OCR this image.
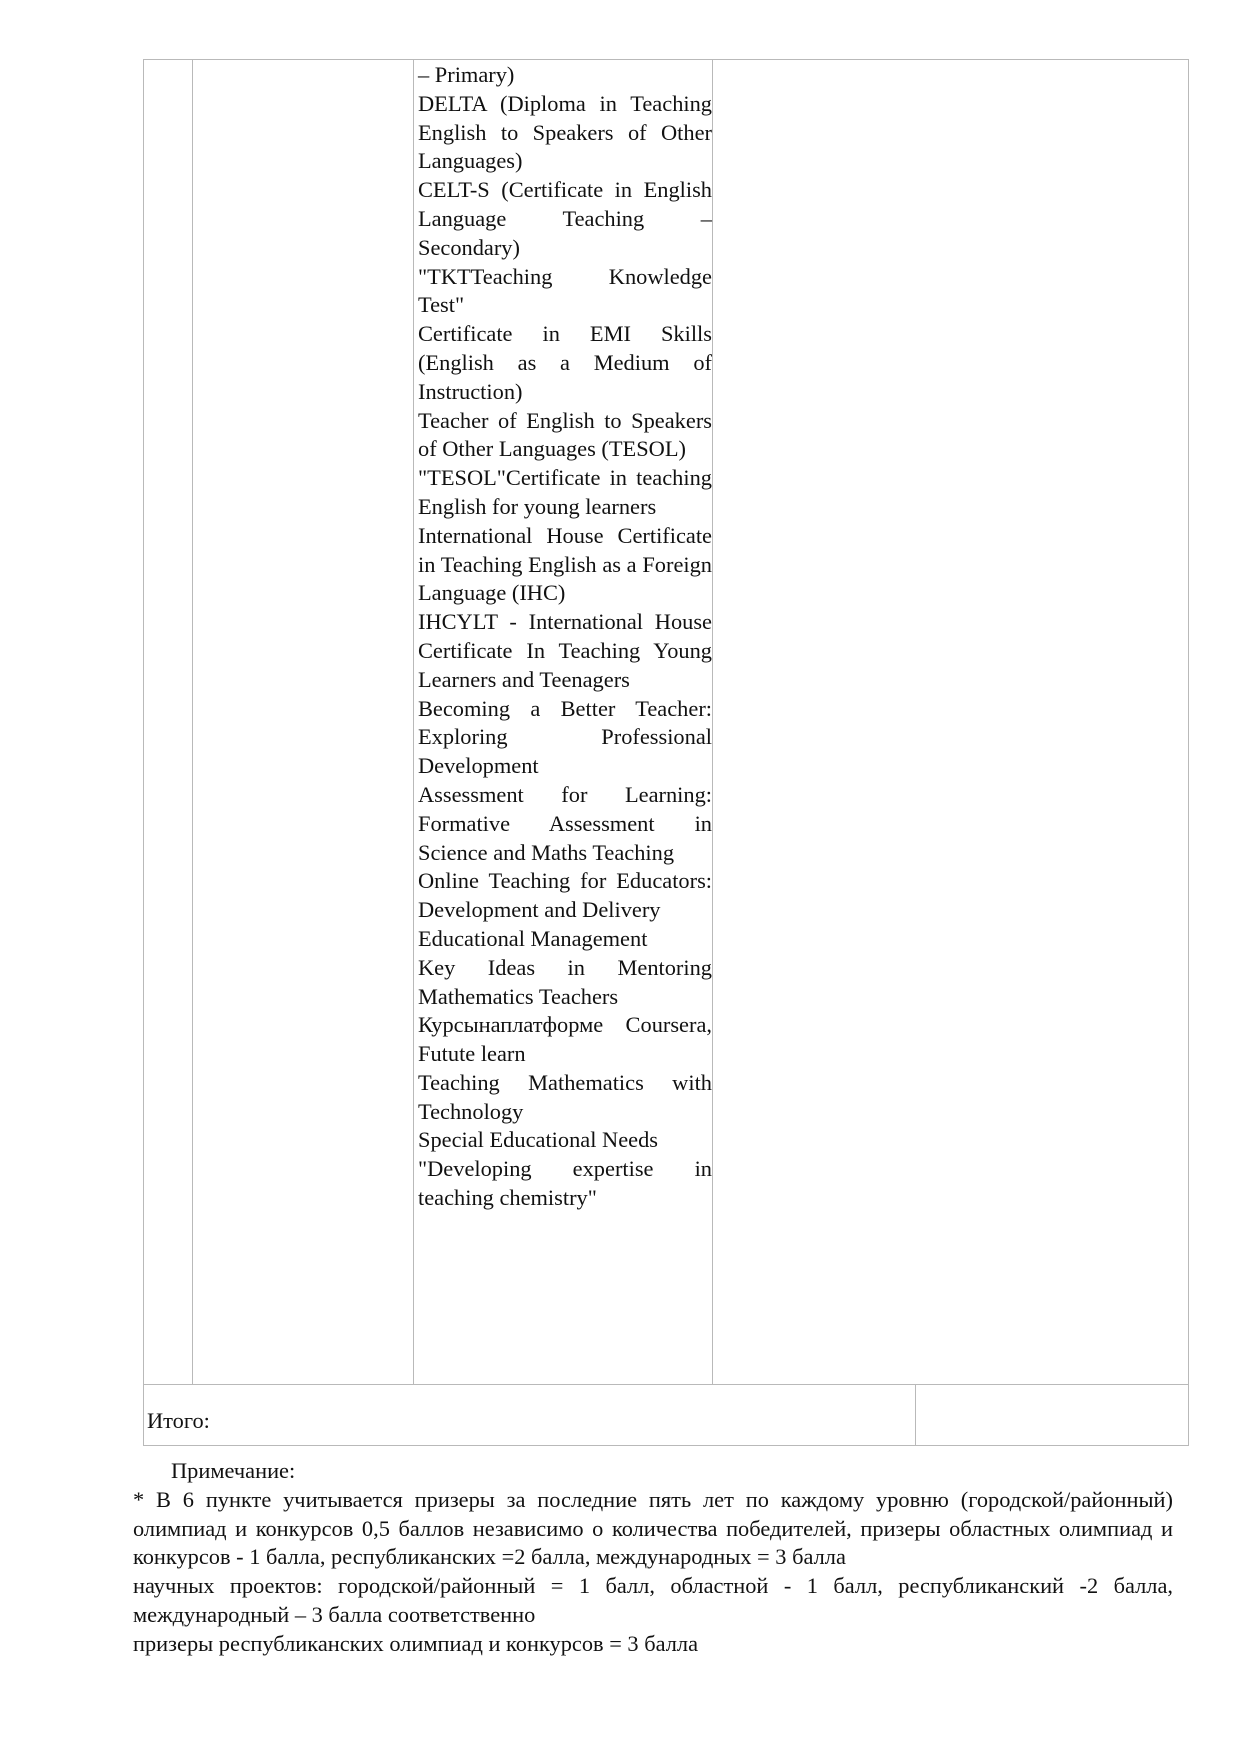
– Primary)
DELTA (Diploma in Teaching English to Speakers of Other Languages)
CELT-S (Certificate in English Language Teaching – Secondary)
"TKTTeaching Knowledge Test"
Certificate in EMI Skills (English as a Medium of Instruction)
Teacher of English to Speakers of Other Languages (TESOL)
"TESOL"Certificate in teaching English for young learners
International House Certificate in Teaching English as a Foreign Language (IHC)
IHCYLT - International House Certificate In Teaching Young Learners and Teenagers
Becoming a Better Teacher: Exploring Professional Development
Assessment for Learning: Formative Assessment in Science and Maths Teaching
Online Teaching for Educators: Development and Delivery
Educational Management
Key Ideas in Mentoring Mathematics Teachers
Курсынаплатформе Coursera, Futute learn
Teaching Mathematics with Technology
Special Educational Needs
"Developing expertise in teaching chemistry"
Итого:
Примечание:
* В 6 пункте учитывается призеры за последние пять лет по каждому уровню (городской/районный) олимпиад и конкурсов 0,5 баллов независимо о количества победителей, призеры областных олимпиад и конкурсов - 1 балла, республиканских =2 балла, международных = 3 балла
научных проектов: городской/районный = 1 балл, областной - 1 балл, республиканский -2 балла, международный – 3 балла соответственно
призеры республиканских олимпиад и конкурсов = 3 балла
